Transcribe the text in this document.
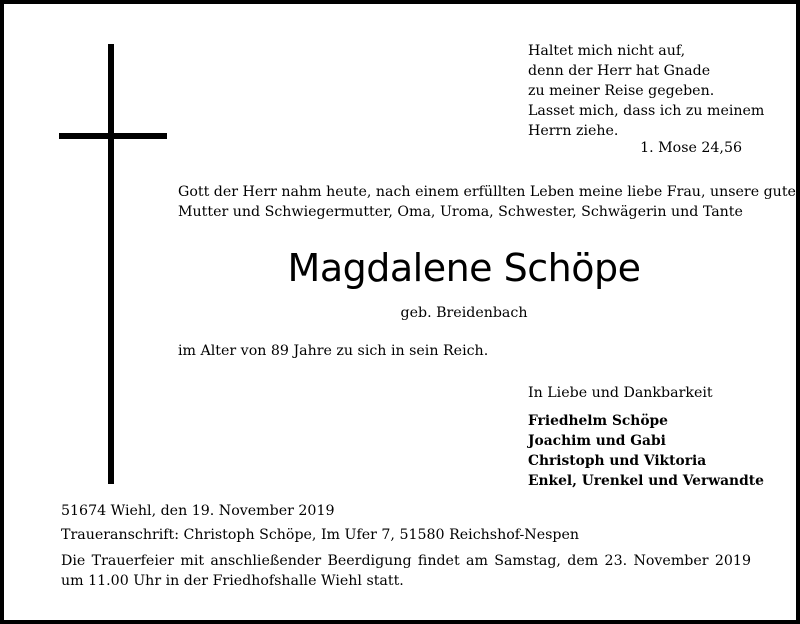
Haltet mich nicht auf,
denn der Herr hat Gnade
zu meiner Reise gegeben.
Lasset mich, dass ich zu meinem
Herrn ziehe.
1. Mose 24,56
Gott der Herr nahm heute, nach einem erfüllten Leben meine liebe Frau, unsere gute
Mutter und Schwiegermutter, Oma, Uroma, Schwester, Schwägerin und Tante
Magdalene Schöpe
geb. Breidenbach
im Alter von 89 Jahre zu sich in sein Reich.
In Liebe und Dankbarkeit
Friedhelm Schöpe
Joachim und Gabi
Christoph und Viktoria
Enkel, Urenkel und Verwandte
51674 Wiehl, den 19. November 2019
Traueranschrift: Christoph Schöpe, Im Ufer 7, 51580 Reichshof-Nespen
Die Trauerfeier mit anschließender Beerdigung findet am Samstag, dem 23. November 2019 um 11.00 Uhr in der Friedhofshalle Wiehl statt.
